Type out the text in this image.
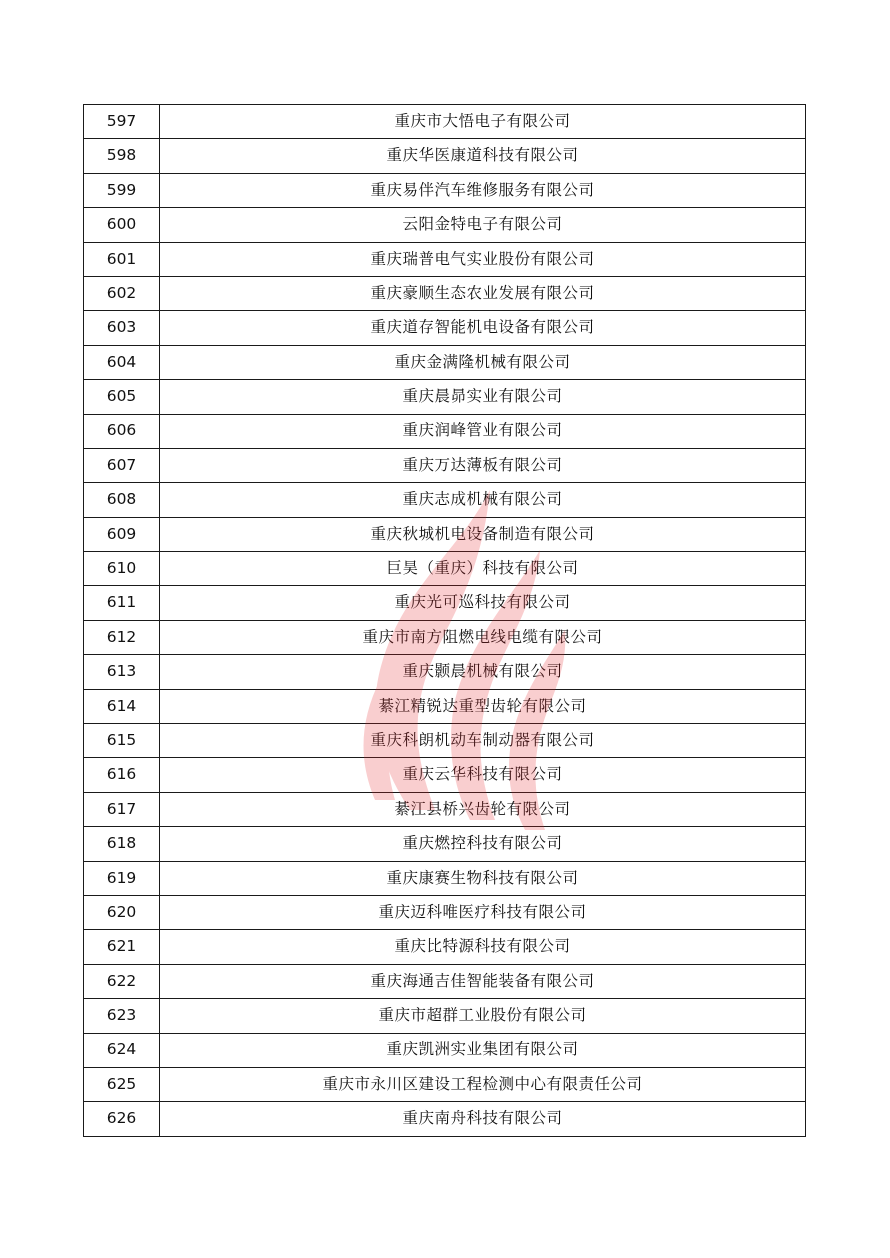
597	重庆市大悟电子有限公司
598	重庆华医康道科技有限公司
599	重庆易伴汽车维修服务有限公司
600	云阳金特电子有限公司
601	重庆瑞普电气实业股份有限公司
602	重庆豪顺生态农业发展有限公司
603	重庆道存智能机电设备有限公司
604	重庆金满隆机械有限公司
605	重庆晨昴实业有限公司
606	重庆润峰管业有限公司
607	重庆万达薄板有限公司
608	重庆志成机械有限公司
609	重庆秋城机电设备制造有限公司
610	巨昊（重庆）科技有限公司
611	重庆光可巡科技有限公司
612	重庆市南方阻燃电线电缆有限公司
613	重庆颢晨机械有限公司
614	綦江精锐达重型齿轮有限公司
615	重庆科朗机动车制动器有限公司
616	重庆云华科技有限公司
617	綦江县桥兴齿轮有限公司
618	重庆燃控科技有限公司
619	重庆康赛生物科技有限公司
620	重庆迈科唯医疗科技有限公司
621	重庆比特源科技有限公司
622	重庆海通吉佳智能装备有限公司
623	重庆市超群工业股份有限公司
624	重庆凯洲实业集团有限公司
625	重庆市永川区建设工程检测中心有限责任公司
626	重庆南舟科技有限公司
